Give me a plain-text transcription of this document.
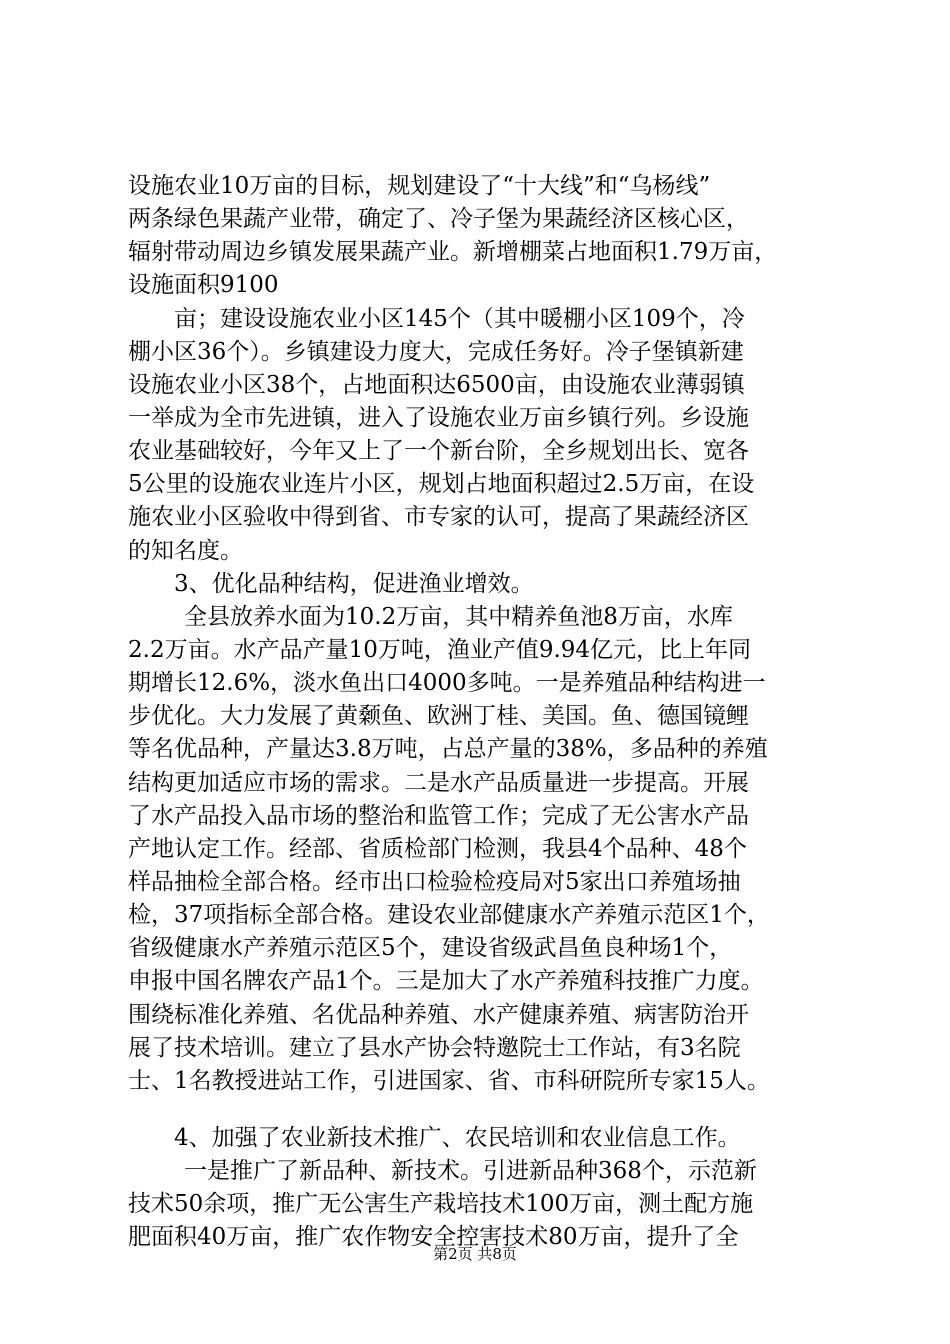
设施农业10万亩的目标，规划建设了“十大线”和“乌杨线”
两条绿色果蔬产业带，确定了、冷子堡为果蔬经济区核心区，
辐射带动周边乡镇发展果蔬产业。新增棚菜占地面积1.79万亩，
设施面积9100
亩；建设设施农业小区145个（其中暖棚小区109个，冷
棚小区36个）。乡镇建设力度大，完成任务好。冷子堡镇新建
设施农业小区38个，占地面积达6500亩，由设施农业薄弱镇
一举成为全市先进镇，进入了设施农业万亩乡镇行列。乡设施
农业基础较好，今年又上了一个新台阶，全乡规划出长、宽各
5公里的设施农业连片小区，规划占地面积超过2.5万亩，在设
施农业小区验收中得到省、市专家的认可，提高了果蔬经济区
的知名度。
3、优化品种结构，促进渔业增效。
全县放养水面为10.2万亩，其中精养鱼池8万亩，水库
2.2万亩。水产品产量10万吨，渔业产值9.94亿元，比上年同
期增长12.6%，淡水鱼出口4000多吨。一是养殖品种结构进一
步优化。大力发展了黄颡鱼、欧洲丁桂、美国。鱼、德国镜鲤
等名优品种，产量达3.8万吨，占总产量的38%，多品种的养殖
结构更加适应市场的需求。二是水产品质量进一步提高。开展
了水产品投入品市场的整治和监管工作；完成了无公害水产品
产地认定工作。经部、省质检部门检测，我县4个品种、48个
样品抽检全部合格。经市出口检验检疫局对5家出口养殖场抽
检，37项指标全部合格。建设农业部健康水产养殖示范区1个，
省级健康水产养殖示范区5个，建设省级武昌鱼良种场1个，
申报中国名牌农产品1个。三是加大了水产养殖科技推广力度。
围绕标准化养殖、名优品种养殖、水产健康养殖、病害防治开
展了技术培训。建立了县水产协会特邀院士工作站，有3名院
士、1名教授进站工作，引进国家、省、市科研院所专家15人。
4、加强了农业新技术推广、农民培训和农业信息工作。
一是推广了新品种、新技术。引进新品种368个，示范新
技术50余项，推广无公害生产栽培技术100万亩，测土配方施
肥面积40万亩，推广农作物安全控害技术80万亩，提升了全
第2页 共8页
